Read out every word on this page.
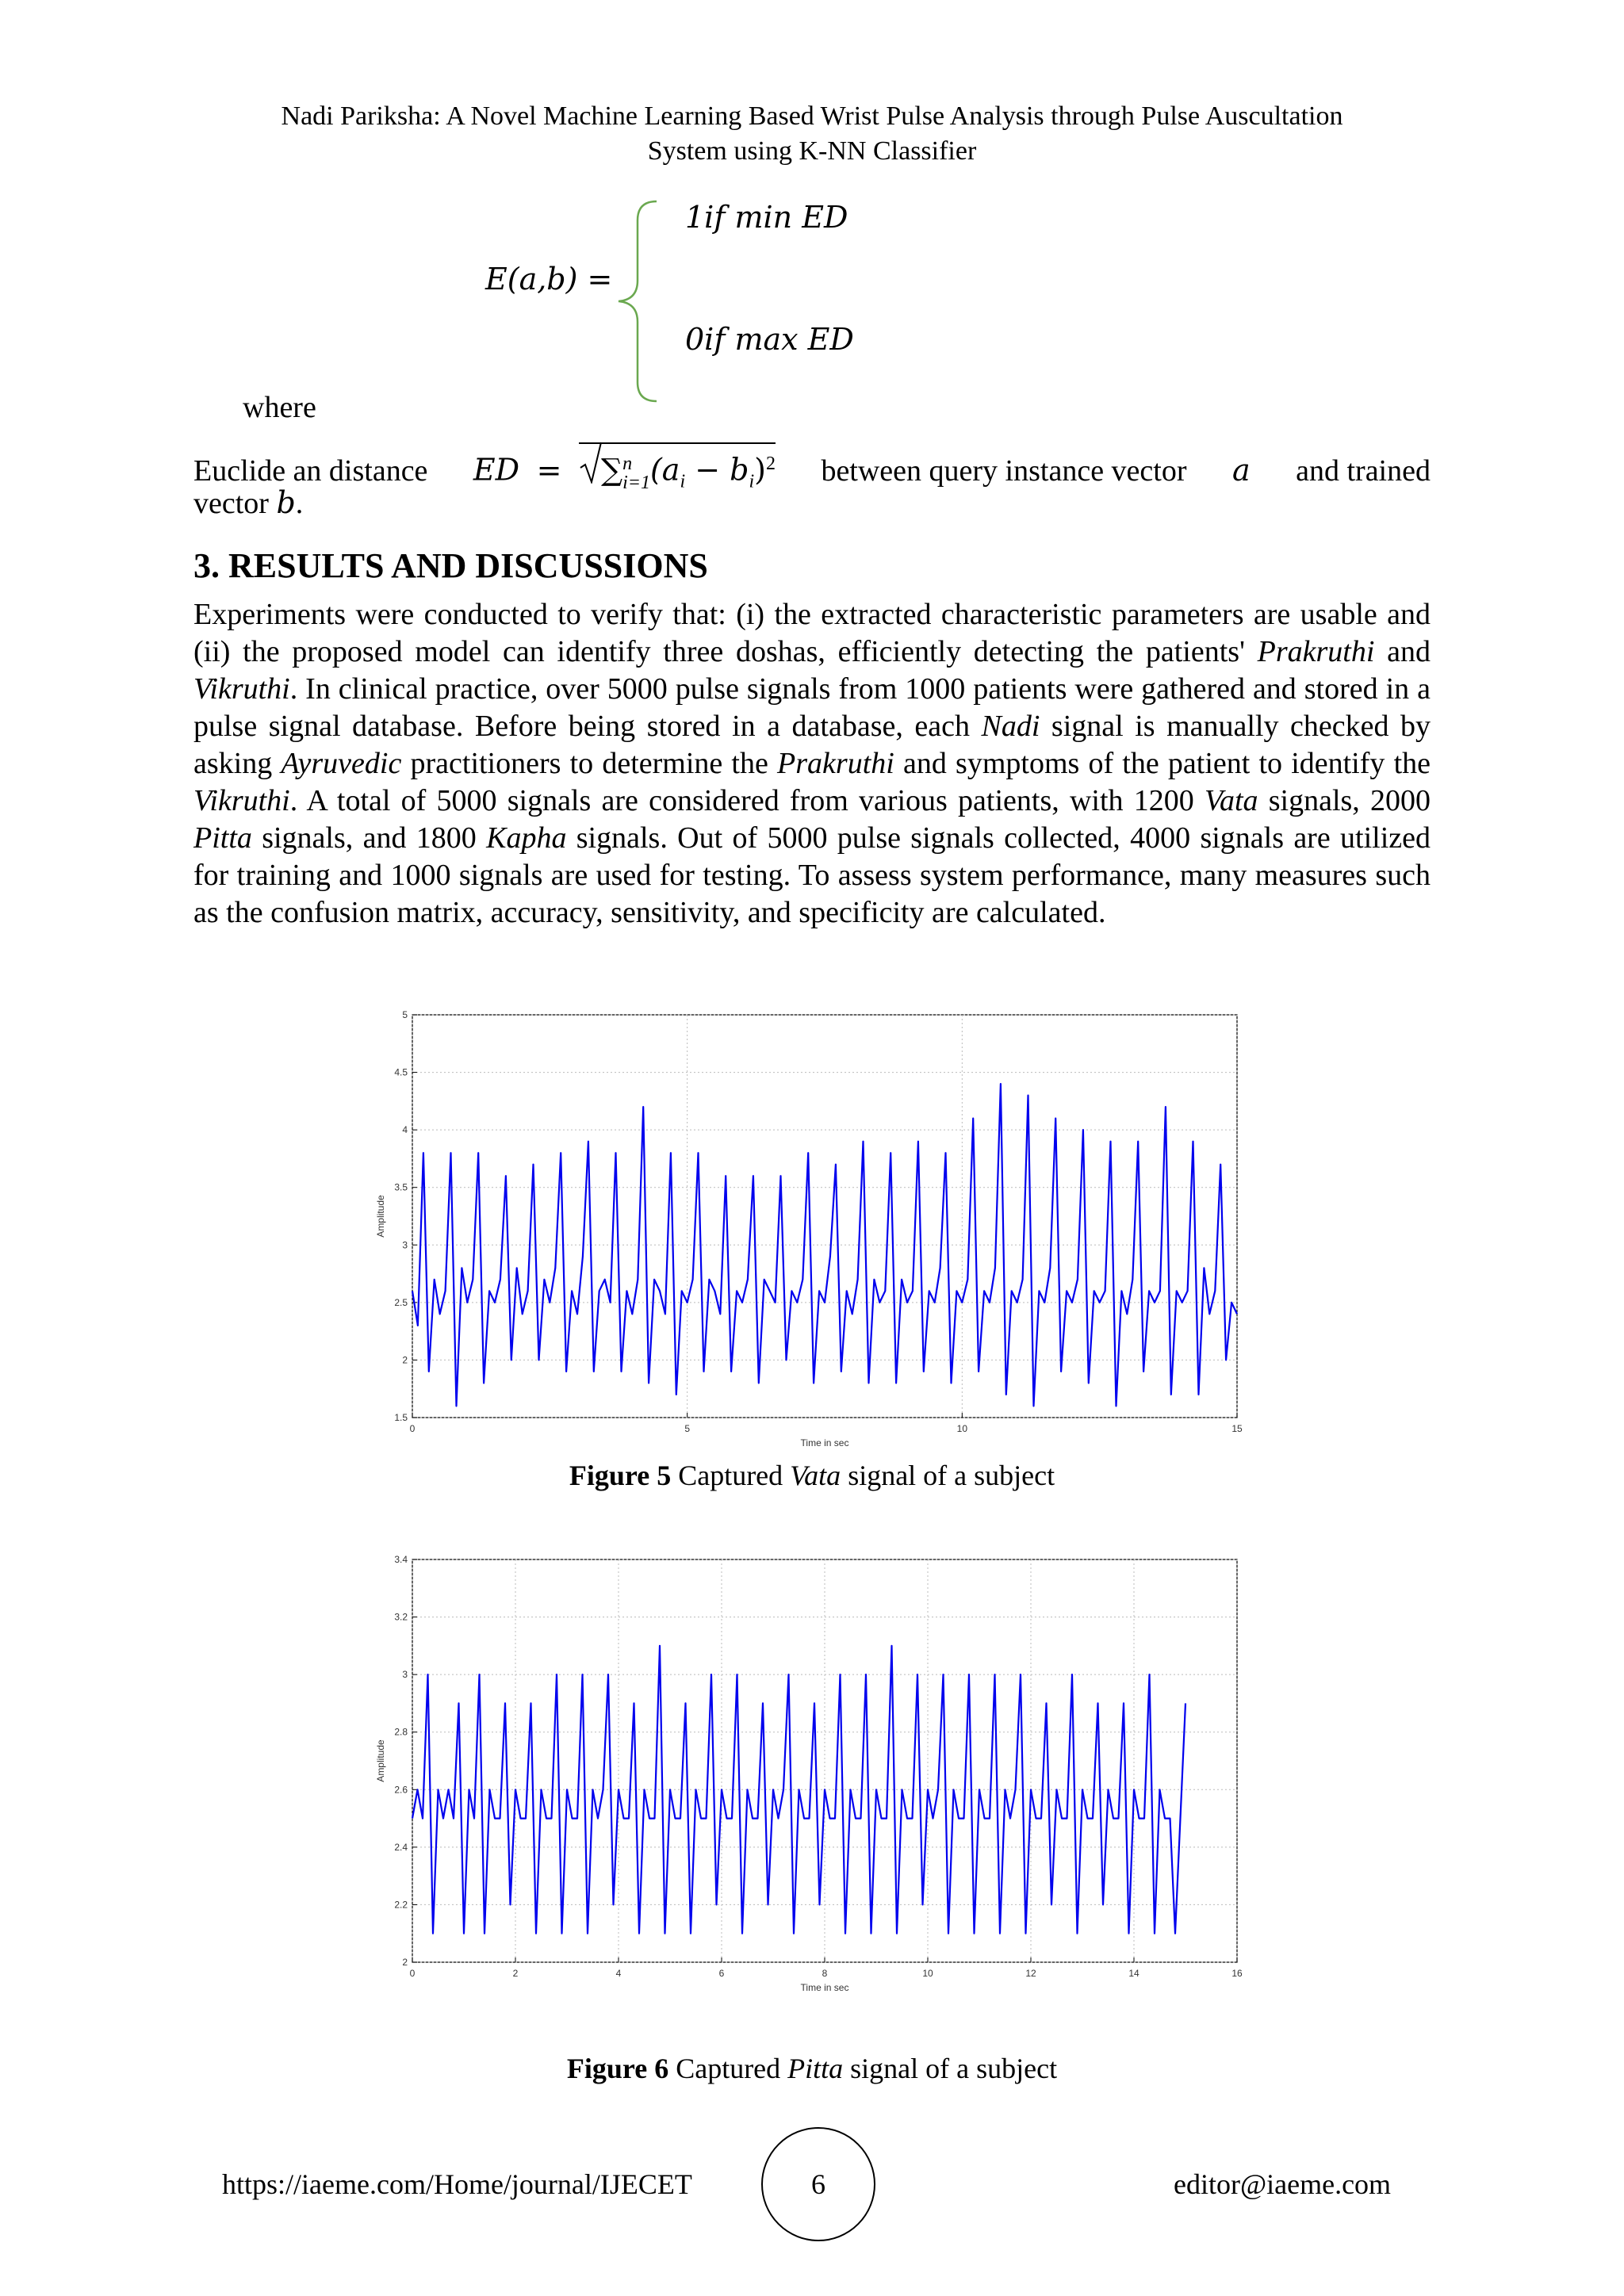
Nadi Pariksha: A Novel Machine Learning Based Wrist Pulse Analysis through Pulse Auscultation
System using K-NN Classifier
E(a,b) =
1if min ED
0if max ED
where
Euclide an distance ED = ∑ n
i=1 $(a_i - b_i)^2$ between query instance vector a and trained
vector b.
3. RESULTS AND DISCUSSIONS
Experiments were conducted to verify that: (i) the extracted characteristic parameters are usable and (ii) the proposed model can identify three doshas, efficiently detecting the patients' Prakruthi and Vikruthi. In clinical practice, over 5000 pulse signals from 1000 patients were gathered and stored in a pulse signal database. Before being stored in a database, each Nadi signal is manually checked by asking Ayruvedic practitioners to determine the Prakruthi and symptoms of the patient to identify the Vikruthi. A total of 5000 signals are considered from various patients, with 1200 Vata signals, 2000 Pitta signals, and 1800 Kapha signals. Out of 5000 pulse signals collected, 4000 signals are utilized for training and 1000 signals are used for testing. To assess system performance, many measures such as the confusion matrix, accuracy, sensitivity, and specificity are calculated.
0	5	10	15
1.5
2
2.5
3
3.5
4
4.5
5
Time in sec
Amplitude
Figure 5 Captured Vata signal of a subject
0	2	4	6	8	10	12	14	16
2
2.2
2.4
2.6
2.8
3
3.2
3.4
Time in sec
Amplitude
Figure 6 Captured Pitta signal of a subject
https://iaeme.com/Home/journal/IJECET	6	editor@iaeme.com
